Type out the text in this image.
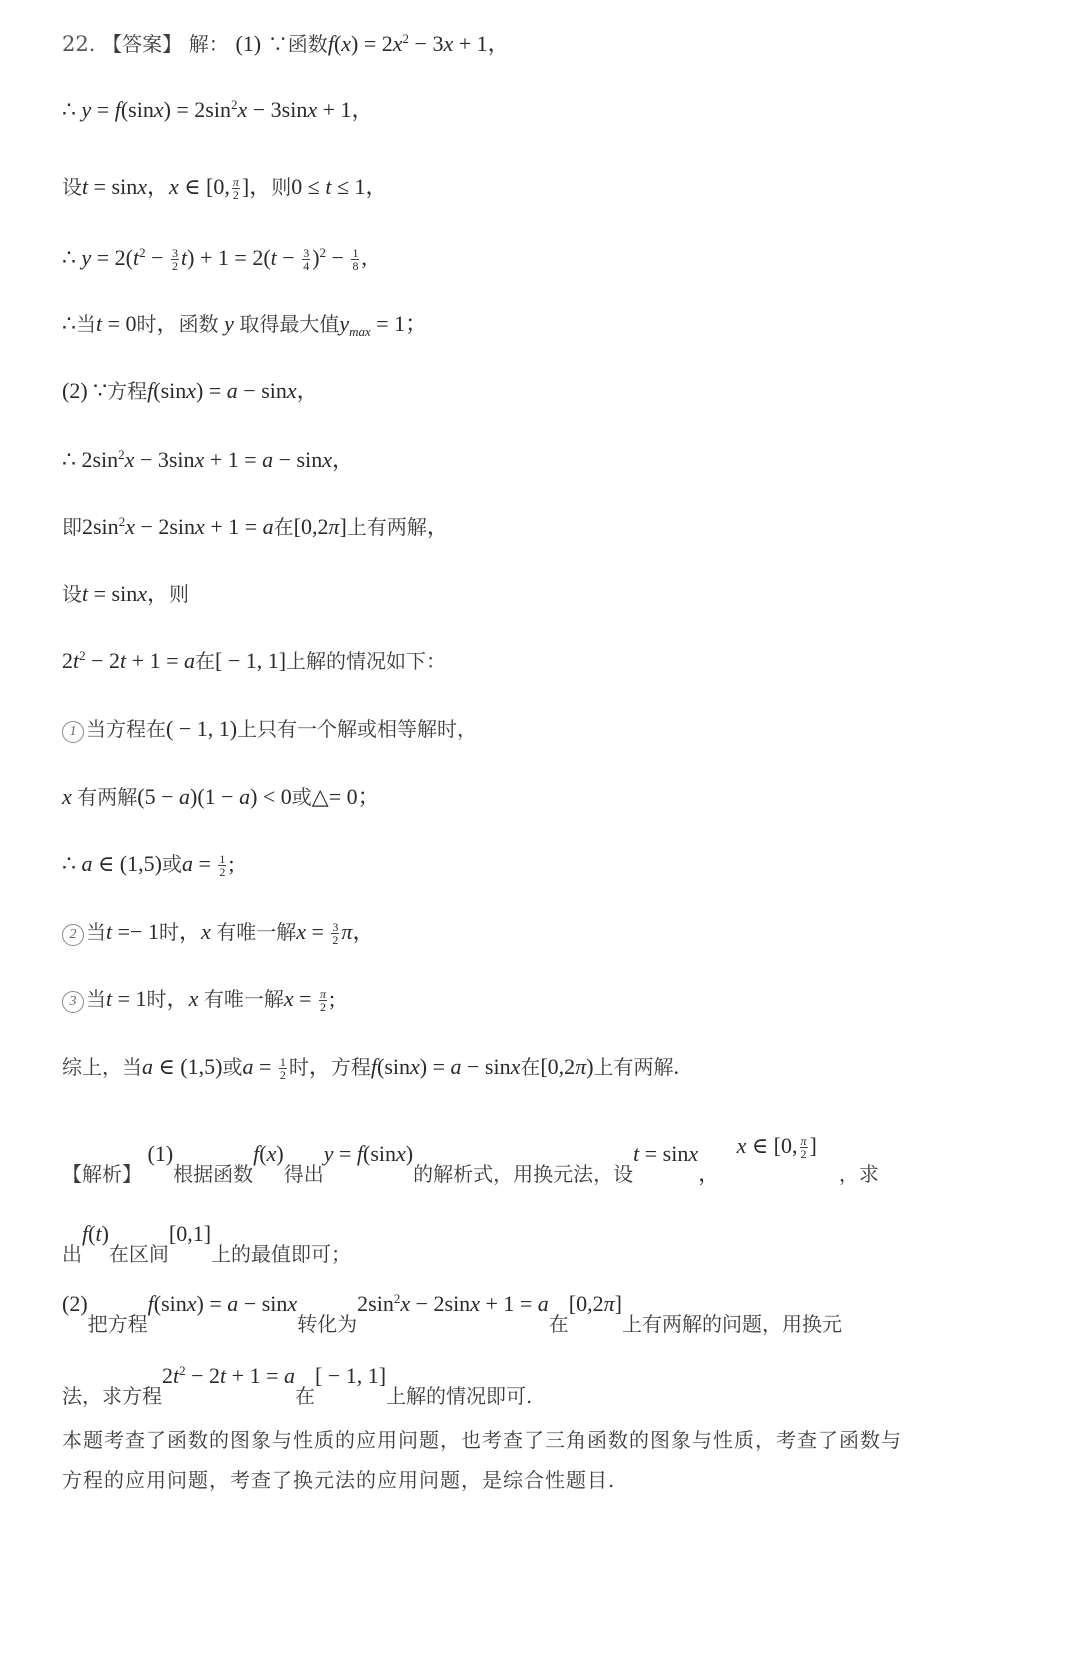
22. 【答案】 解： (1) ∵函数$f(x) = 2x^2 - 3x + 1$，
∴ $y = f(\sin x) = 2\sin^2x - 3\sin x + 1$，
设t = sinx，x ∈ [0, $\frac{\pi}{2}$ ]，则0 ≤ t ≤ 1，
∴ $y = 2(t^2 - \frac{3}{2} t) + 1 = 2(t - \frac{3}{4} )^2 - \frac{1}{8}$ ,
∴当t = 0时，函数 y 取得最大值$y_{max} = 1$；
(2) ∵方程f(sinx) = a − sinx，
∴ $2\sin^2x - 3\sin x + 1 = a - \sin x$，
即$2\sin^2x - 2\sin x + 1 = a$在[0,2π]上有两解，
设t = sinx，则
$2t^2 - 2t + 1 = a$在[ − 1, 1]上解的情况如下：
1 当方程在( − 1, 1)上只有一个解或相等解时，
x 有两解(5 − a)(1 − a) < 0或△= 0；
∴ a ∈ (1,5)或$a = \frac{1}{2}$ ;
2 当t =− 1时，x 有唯一解$x = \frac{3}{2}$ π，
3 当t = 1时，x 有唯一解$x = \frac{\pi}{2}$ ;
综上，当a ∈ (1,5)或$a = \frac{1}{2}$ 时，方程f(sinx) = a − sinx在[0,2π)上有两解.
【解析】 (1)根据函数f(x)得出y = f(sinx)的解析式，用换元法，设t = sinx，   x ∈ [0, $\frac{\pi}{2}$ ]    ，求
出f(t)在区间[0,1]上的最值即可；
(2)把方程f(sinx) = a − sinx转化为$2\sin^2x - 2\sin x + 1 = a$在[0,2π]上有两解的问题，用换元
法，求方程$2t^2 - 2t + 1 = a$在[ − 1, 1]上解的情况即可.
本题考查了函数的图象与性质的应用问题，也考查了三角函数的图象与性质，考查了函数与
方程的应用问题，考查了换元法的应用问题，是综合性题目.
